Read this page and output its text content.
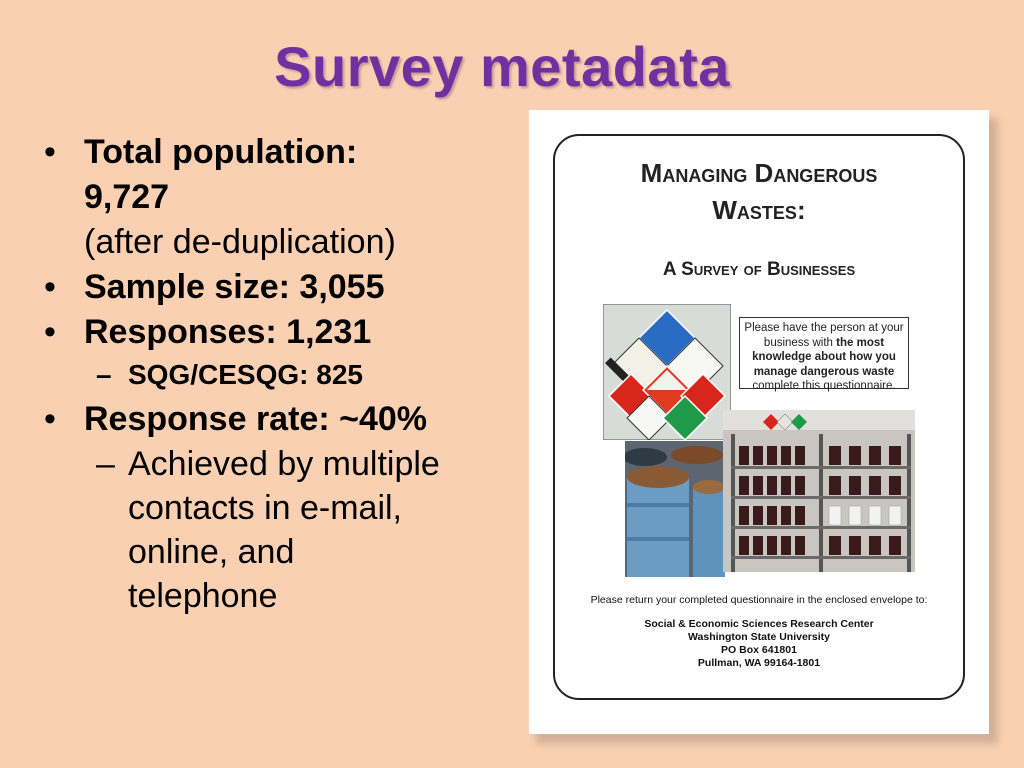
Survey metadata
• Total population:
9,727
(after de-duplication)
• Sample size: 3,055
• Responses: 1,231
– SQG/CESQG: 825
• Response rate: ~40%
– Achieved by multiple
contacts in e-mail,
online, and
telephone
Managing Dangerous
Wastes:
A Survey of Businesses
Please have the person at your business with the most knowledge about how you manage dangerous waste complete this questionnaire.
Please return your completed questionnaire in the enclosed envelope to:
Social & Economic Sciences Research Center
Washington State University
PO Box 641801
Pullman, WA 99164-1801
